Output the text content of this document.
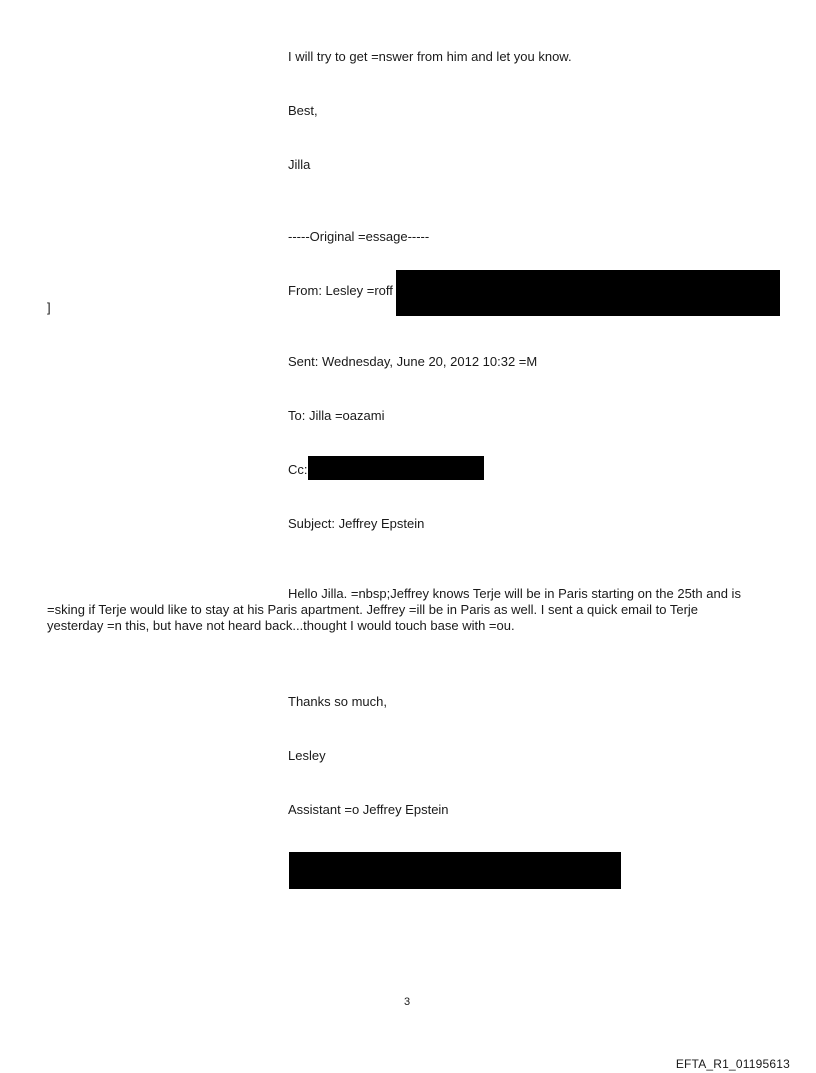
I will try to get =nswer from him and let you know.
Best,
Jilla
-----Original =essage-----
From: Lesley =roff
]
Sent: Wednesday, June 20, 2012 10:32 =M
To: Jilla =oazami
Cc:
Subject: Jeffrey Epstein
Hello Jilla. =nbsp;Jeffrey knows Terje will be in Paris starting on the 25th and is
=sking if Terje would like to stay at his Paris apartment. Jeffrey =ill be in Paris as well. I sent a quick email to Terje
yesterday =n this, but have not heard back...thought I would touch base with =ou.
Thanks so much,
Lesley
Assistant =o Jeffrey Epstein
3
EFTA_R1_01195613
